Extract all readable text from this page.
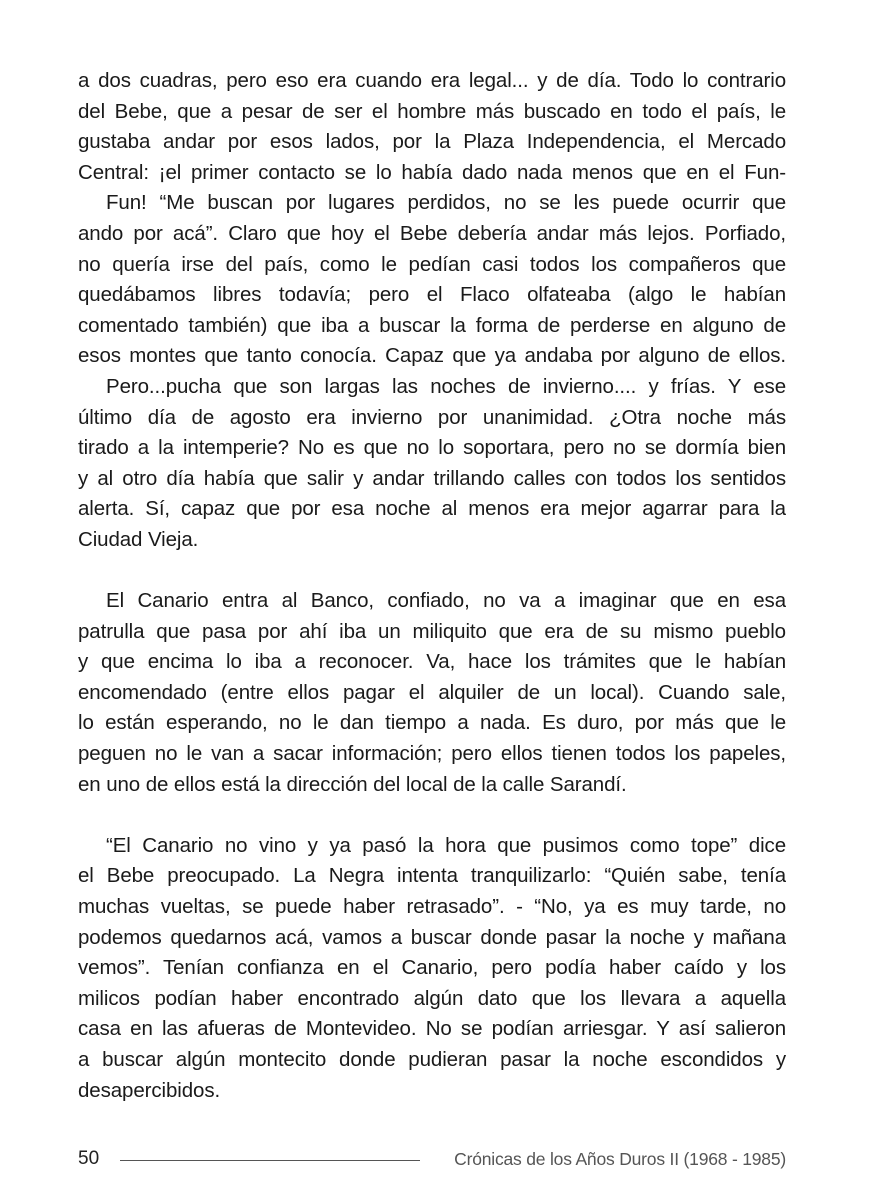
a dos cuadras, pero eso era cuando era legal... y de día. Todo lo contrario
del Bebe, que a pesar de ser el hombre más buscado en todo el país, le
gustaba andar por esos lados, por la Plaza Independencia, el Mercado
Central: ¡el primer contacto se lo había dado nada menos que en el Fun-
Fun! “Me buscan por lugares perdidos, no se les puede ocurrir que
ando por acá”. Claro que hoy el Bebe debería andar más lejos. Porfiado,
no quería irse del país, como le pedían casi todos los compañeros que
quedábamos libres todavía; pero el Flaco olfateaba (algo le habían
comentado también) que iba a buscar la forma de perderse en alguno de
esos montes que tanto conocía. Capaz que ya andaba por alguno de ellos.
Pero...pucha que son largas las noches de invierno.... y frías. Y ese
último día de agosto era invierno por unanimidad. ¿Otra noche más
tirado a la intemperie? No es que no lo soportara, pero no se dormía bien
y al otro día había que salir y andar trillando calles con todos los sentidos
alerta. Sí, capaz que por esa noche al menos era mejor agarrar para la
Ciudad Vieja.
El Canario entra al Banco, confiado, no va a imaginar que en esa
patrulla que pasa por ahí iba un miliquito que era de su mismo pueblo
y que encima lo iba a reconocer. Va, hace los trámites que le habían
encomendado (entre ellos pagar el alquiler de un local). Cuando sale,
lo están esperando, no le dan tiempo a nada. Es duro, por más que le
peguen no le van a sacar información; pero ellos tienen todos los papeles,
en uno de ellos está la dirección del local de la calle Sarandí.
“El Canario no vino y ya pasó la hora que pusimos como tope” dice
el Bebe preocupado. La Negra intenta tranquilizarlo: “Quién sabe, tenía
muchas vueltas, se puede haber retrasado”. - “No, ya es muy tarde, no
podemos quedarnos acá, vamos a buscar donde pasar la noche y mañana
vemos”. Tenían confianza en el Canario, pero podía haber caído y los
milicos podían haber encontrado algún dato que los llevara a aquella
casa en las afueras de Montevideo. No se podían arriesgar. Y así salieron
a buscar algún montecito donde pudieran pasar la noche escondidos y
desapercibidos.
50	Crónicas de los Años Duros II (1968 - 1985)
